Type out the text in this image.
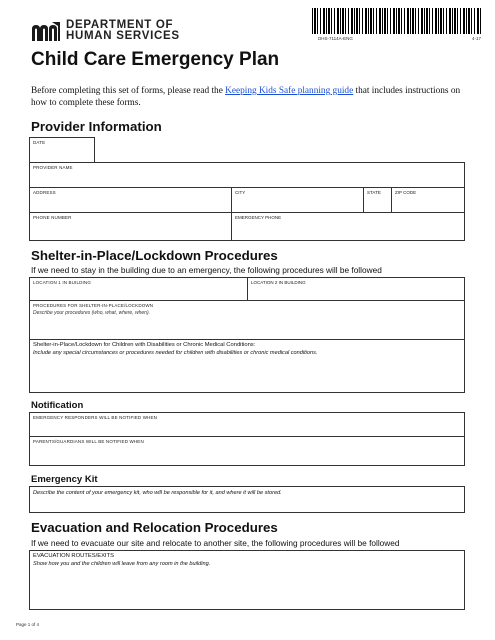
DEPARTMENT OF
HUMAN SERVICES	DHS-7114A-ENG	4-17
Child Care Emergency Plan

Before completing this set of forms, please read the Keeping Kids Safe planning guide that includes instructions on how to complete these forms.

Provider Information
DATE
PROVIDER NAME
ADDRESS	CITY	STATE	ZIP CODE
PHONE NUMBER	EMERGENCY PHONE
Shelter-in-Place/Lockdown Procedures

If we need to stay in the building due to an emergency, the following procedures will be followed

LOCATION 1 IN BUILDING	LOCATION 2 IN BUILDING
PROCEDURES FOR SHELTER-IN-PLACE/LOCKDOWN
Describe your procedures (who, what, where, when).
Shelter-in-Place/Lockdown for Children with Disabilities or Chronic Medical Conditions:
Include any special circumstances or procedures needed for children with disabilities or chronic medical conditions.
Notification
EMERGENCY RESPONDERS WILL BE NOTIFIED WHEN
PARENTS/GUARDIANS WILL BE NOTIFIED WHEN
Emergency Kit
Describe the content of your emergency kit, who will be responsible for it, and where it will be stored.
Evacuation and Relocation Procedures

If we need to evacuate our site and relocate to another site, the following procedures will be followed

EVACUATION ROUTES/EXITS
Show how you and the children will leave from any room in the building.
Page 1 of 4
